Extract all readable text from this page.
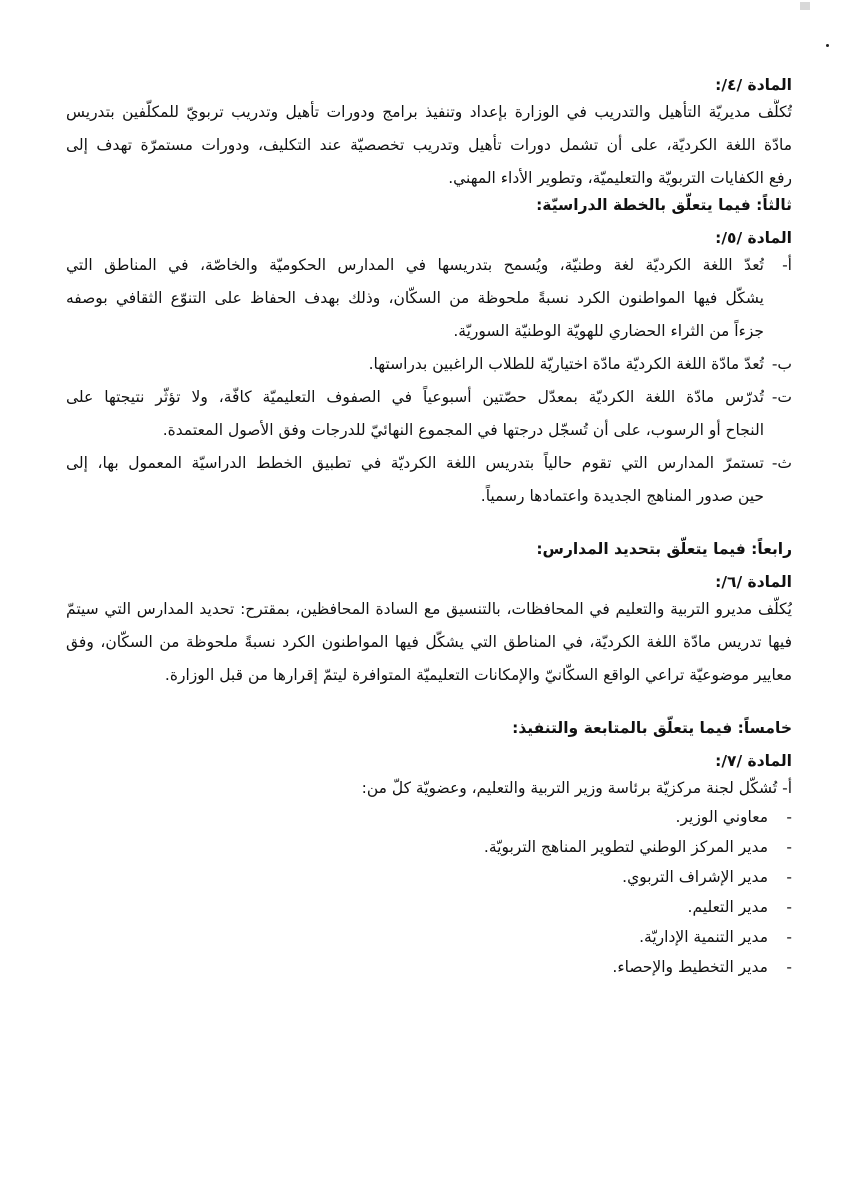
المادة /٤/:
تُكلَّف مديريّة التأهيل والتدريب في الوزارة بإعداد وتنفيذ برامج ودورات تأهيل وتدريب تربويّ للمكلّفين بتدريس
مادّة اللغة الكرديّة، على أن تشمل دورات تأهيل وتدريب تخصصيّة عند التكليف، ودورات مستمرّة تهدف إلى
رفع الكفايات التربويّة والتعليميّة، وتطوير الأداء المهني.
ثالثاً: فيما يتعلّق بالخطة الدراسيّة:
المادة /٥/:
أ-
تُعدّ اللغة الكرديّة لغة وطنيّة، ويُسمح بتدريسها في المدارس الحكوميّة والخاصّة، في المناطق التي
يشكّل فيها المواطنون الكرد نسبةً ملحوظة من السكّان، وذلك بهدف الحفاظ على التنوّع الثقافي بوصفه
جزءاً من الثراء الحضاري للهويّة الوطنيّة السوريّة.
ب-
تُعدّ مادّة اللغة الكرديّة مادّة اختياريّة للطلاب الراغبين بدراستها.
ت-
تُدرّس مادّة اللغة الكرديّة بمعدّل حصّتين أسبوعياً في الصفوف التعليميّة كافّة، ولا تؤثّر نتيجتها على
النجاح أو الرسوب، على أن تُسجّل درجتها في المجموع النهائيّ للدرجات وفق الأصول المعتمدة.
ث-
تستمرّ المدارس التي تقوم حالياً بتدريس اللغة الكرديّة في تطبيق الخطط الدراسيّة المعمول بها، إلى
حين صدور المناهج الجديدة واعتمادها رسمياً.
رابعاً: فيما يتعلّق بتحديد المدارس:
المادة /٦/:
يُكلّف مديرو التربية والتعليم في المحافظات، بالتنسيق مع السادة المحافظين، بمقترح: تحديد المدارس التي سيتمّ
فيها تدريس مادّة اللغة الكرديّة، في المناطق التي يشكّل فيها المواطنون الكرد نسبةً ملحوظة من السكّان، وفق
معايير موضوعيّة تراعي الواقع السكّانيّ والإمكانات التعليميّة المتوافرة ليتمّ إقرارها من قبل الوزارة.
خامساً: فيما يتعلّق بالمتابعة والتنفيذ:
المادة /٧/:
أ- تُشكّل لجنة مركزيّة برئاسة وزير التربية والتعليم، وعضويّة كلّ من:
-
معاوني الوزير.
-
مدير المركز الوطني لتطوير المناهج التربويّة.
-
مدير الإشراف التربوي.
-
مدير التعليم.
-
مدير التنمية الإداريّة.
-
مدير التخطيط والإحصاء.
